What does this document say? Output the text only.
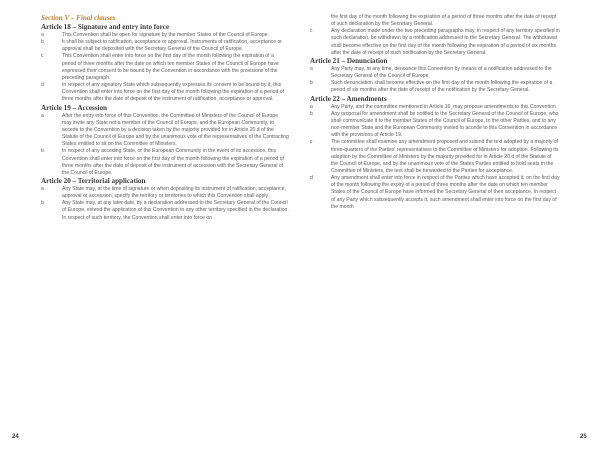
Section V – Final clauses

Article 18 – Signature and entry into force

a	This Convention shall be open for signature by the member States of the Council of Europe.
b	It shall be subject to ratification, acceptance or approval. Instruments of ratification, acceptance or approval shall be deposited with the Secretary General of the Council of Europe.
c	This Convention shall enter into force on the first day of the month following the expiration of a period of three months after the date on which ten member States of the Council of Europe have expressed their consent to be bound by the Convention in accordance with the provisions of the preceding paragraph.
d	In respect of any signatory State which subsequently expresses its consent to be bound by it, this Convention shall enter into force on the first day of the month following the expiration of a period of three months after the date of deposit of the instrument of ratification, acceptance or approval.

Article 19 – Accession

a	After the entry into force of this Convention, the Committee of Ministers of the Council of Europe may invite any State not a member of the Council of Europe, and the European Community, to accede to the Convention by a decision taken by the majority provided for in Article 20.d of the Statute of the Council of Europe and by the unanimous vote of the representatives of the Contracting States entitled to sit on the Committee of Ministers.
b	In respect of any acceding State, or the European Community in the event of its accession, this Convention shall enter into force on the first day of the month following the expiration of a period of three months after the date of deposit of the instrument of accession with the Secretary General of the Council of Europe.

Article 20 – Territorial application

a	Any State may, at the time of signature or when depositing its instrument of ratification, acceptance, approval or accession, specify the territory or territories to which this Convention shall apply.
b	Any State may, at any later date, by a declaration addressed to the Secretary General of the Council of Europe, extend the application of this Convention to any other territory specified in the declaration. In respect of such territory, the Convention shall enter into force on

the first day of the month following the expiration of a period of three months after the date of receipt of such declaration by the Secretary General.

c	Any declaration made under the two preceding paragraphs may, in respect of any territory specified in such declaration, be withdrawn by a notification addressed to the Secretary General. The withdrawal shall become effective on the first day of the month following the expiration of a period of six months after the date of receipt of such notification by the Secretary General.

Article 21 – Denunciation

a	Any Party may, at any time, denounce this Convention by means of a notification addressed to the Secretary General of the Council of Europe.
b	Such denunciation shall become effective on the first day of the month following the expiration of a period of six months after the date of receipt of the notification by the Secretary General.

Article 22 – Amendments

a	Any Party, and the committee mentioned in Article 16, may propose amendments to this Convention.
b	Any proposal for amendment shall be notified to the Secretary General of the Council of Europe, who shall communicate it to the member States of the Council of Europe, to the other Parties, and to any non-member State and the European Community invited to accede to this Convention in accordance with the provisions of Article 19.
c	The committee shall examine any amendment proposed and submit the text adopted by a majority of three-quarters of the Parties' representatives to the Committee of Ministers for adoption. Following its adoption by the Committee of Ministers by the majority provided for in Article 20.d of the Statute of the Council of Europe, and by the unanimous vote of the States Parties entitled to hold seats in the Committee of Ministers, the text shall be forwarded to the Parties for acceptance.
d	Any amendment shall enter into force in respect of the Parties which have accepted it, on the first day of the month following the expiry of a period of three months after the date on which ten member States of the Council of Europe have informed the Secretary General of their acceptance. In respect of any Party which subsequently accepts it, such amendment shall enter into force on the first day of the month
24	25
